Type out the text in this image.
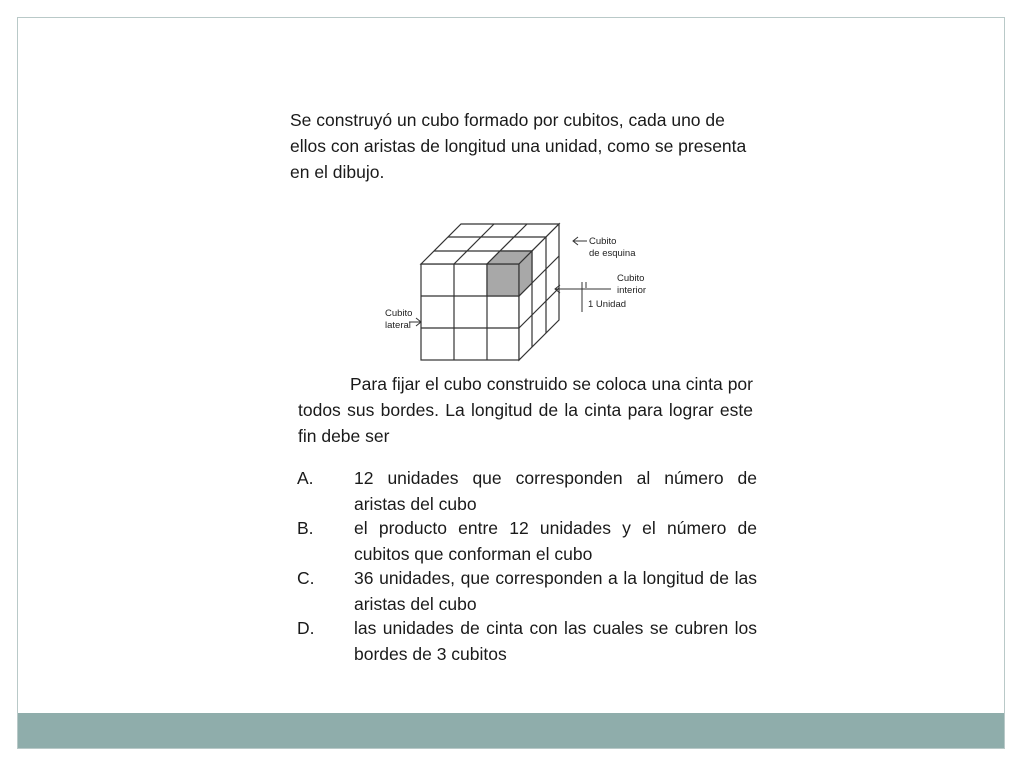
Se construyó un cubo formado por cubitos, cada uno de ellos con aristas de longitud una unidad, como se presenta en el dibujo.

Cubito
de esquina
Cubito
interior
1 Unidad
Cubito
lateral

Para fijar el cubo construido se coloca una cinta por todos sus bordes. La longitud de la cinta para lograr este fin debe ser

A.	12 unidades que corresponden al número de aristas del cubo
B.	el producto entre 12 unidades y el número de cubitos que conforman el cubo
C.	36 unidades, que corresponden a la longitud de las aristas del cubo
D.	las unidades de cinta con las cuales se cubren los bordes de 3 cubitos
